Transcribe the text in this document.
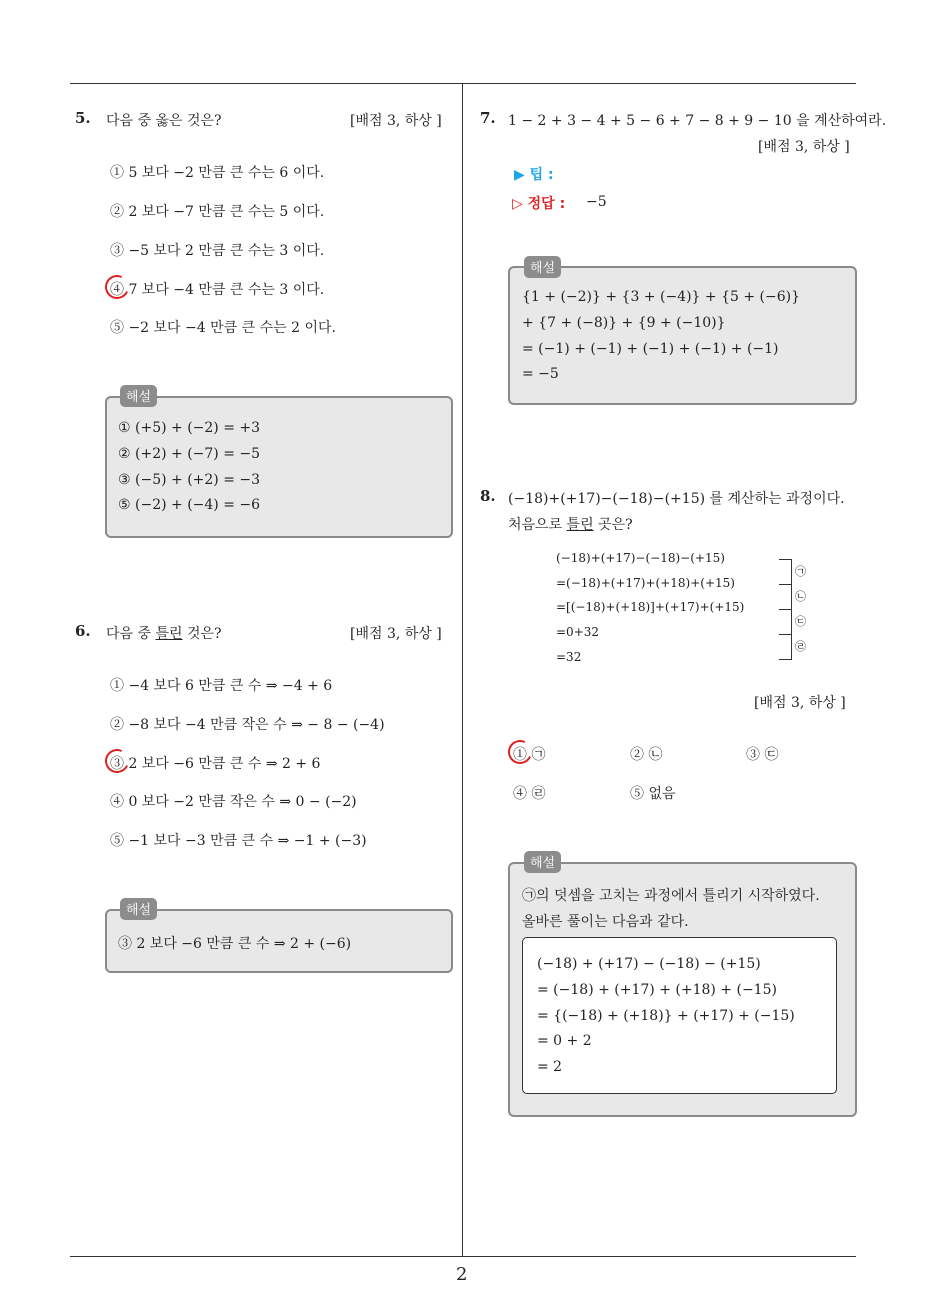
2
5. 다음 중 옳은 것은?	[배점 3, 하상 ]
① 5 보다 −2 만큼 큰 수는 6 이다.
② 2 보다 −7 만큼 큰 수는 5 이다.
③ −5 보다 2 만큼 큰 수는 3 이다.
④ 7 보다 −4 만큼 큰 수는 3 이다.
⑤ −2 보다 −4 만큼 큰 수는 2 이다.
해설
① (+5) + (−2) = +3
② (+2) + (−7) = −5
③ (−5) + (+2) = −3
⑤ (−2) + (−4) = −6
6. 다음 중 틀린 것은?	[배점 3, 하상 ]
① −4 보다 6 만큼 큰 수 ⇒ −4 + 6
② −8 보다 −4 만큼 작은 수 ⇒ − 8 − (−4)
③ 2 보다 −6 만큼 큰 수 ⇒ 2 + 6
④ 0 보다 −2 만큼 작은 수 ⇒ 0 − (−2)
⑤ −1 보다 −3 만큼 큰 수 ⇒ −1 + (−3)
해설
③ 2 보다 −6 만큼 큰 수 ⇒ 2 + (−6)
7. 1 − 2 + 3 − 4 + 5 − 6 + 7 − 8 + 9 − 10 을 계산하여라.
[배점 3, 하상 ]
▶ 팁 :
▷ 정답 : −5
해설
{1 + (−2)} + {3 + (−4)} + {5 + (−6)}
+ {7 + (−8)} + {9 + (−10)}
= (−1) + (−1) + (−1) + (−1) + (−1)
= −5
8. (−18)+(+17)−(−18)−(+15) 를 계산하는 과정이다.
처음으로 틀린 곳은?
(−18)+(+17)−(−18)−(+15)
=(−18)+(+17)+(+18)+(+15)
=[(−18)+(+18)]+(+17)+(+15)
=0+32
=32
㉠
㉡
㉢
㉣
[배점 3, 하상 ]
① ㉠	② ㉡	③ ㉢
④ ㉣	⑤ 없음
해설
㉠의 덧셈을 고치는 과정에서 틀리기 시작하였다.
올바른 풀이는 다음과 같다.
(−18) + (+17) − (−18) − (+15)
= (−18) + (+17) + (+18) + (−15)
= {(−18) + (+18)} + (+17) + (−15)
= 0 + 2
= 2
